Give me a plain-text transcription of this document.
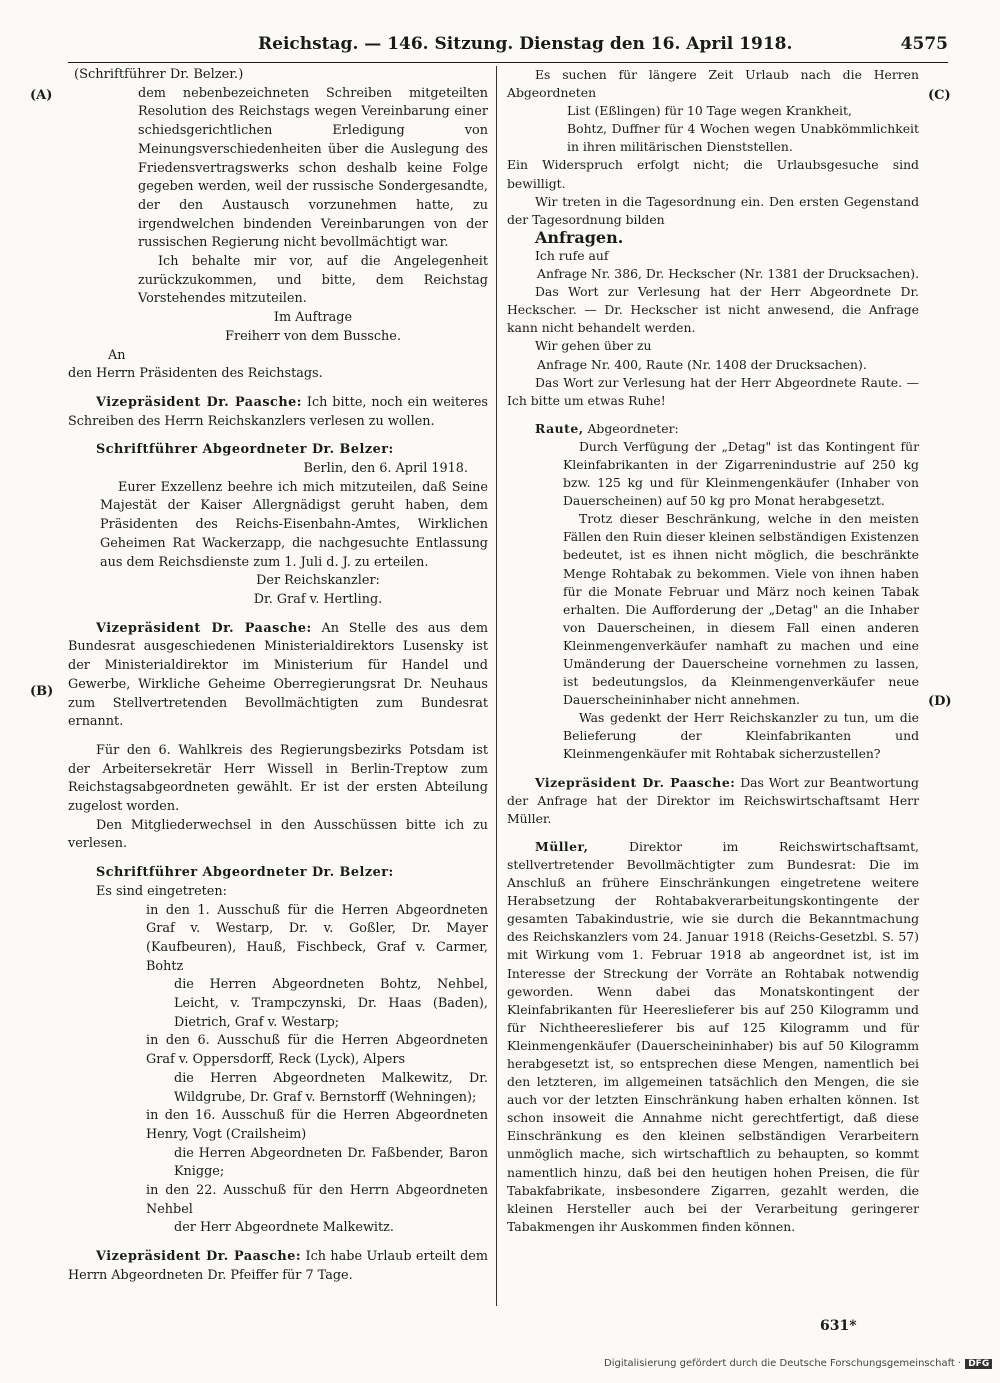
Reichstag. — 146. Sitzung. Dienstag den 16. April 1918.	4575
(A)
(B)
(C)
(D)

(Schriftführer Dr. Belzer.)

dem nebenbezeichneten Schreiben mitgeteilten Resolution des Reichstags wegen Vereinbarung einer schiedsgerichtlichen Erledigung von Meinungsverschiedenheiten über die Auslegung des Friedensvertragswerks schon deshalb keine Folge gegeben werden, weil der russische Sondergesandte, der den Austausch vorzunehmen hatte, zu irgendwelchen bindenden Vereinbarungen von der russischen Regierung nicht bevollmächtigt war.

Ich behalte mir vor, auf die Angelegenheit zurückzukommen, und bitte, dem Reichstag Vorstehendes mitzuteilen.

Im Auftrage

Freiherr von dem Bussche.

An

den Herrn Präsidenten des Reichstags.

Vizepräsident Dr. Paasche: Ich bitte, noch ein weiteres Schreiben des Herrn Reichskanzlers verlesen zu wollen.

Schriftführer Abgeordneter Dr. Belzer:

Berlin, den 6. April 1918.

Eurer Exzellenz beehre ich mich mitzuteilen, daß Seine Majestät der Kaiser Allergnädigst geruht haben, dem Präsidenten des Reichs-Eisenbahn-Amtes, Wirklichen Geheimen Rat Wackerzapp, die nachgesuchte Entlassung aus dem Reichsdienste zum 1. Juli d. J. zu erteilen.

Der Reichskanzler:

Dr. Graf v. Hertling.

Vizepräsident Dr. Paasche: An Stelle des aus dem Bundesrat ausgeschiedenen Ministerialdirektors Lusensky ist der Ministerialdirektor im Ministerium für Handel und Gewerbe, Wirkliche Geheime Oberregierungsrat Dr. Neuhaus zum Stellvertretenden Bevollmächtigten zum Bundesrat ernannt.

Für den 6. Wahlkreis des Regierungsbezirks Potsdam ist der Arbeitersekretär Herr Wissell in Berlin-Treptow zum Reichstagsabgeordneten gewählt. Er ist der ersten Abteilung zugelost worden.

Den Mitgliederwechsel in den Ausschüssen bitte ich zu verlesen.

Schriftführer Abgeordneter Dr. Belzer:

Es sind eingetreten:

in den 1. Ausschuß für die Herren Abgeordneten Graf v. Westarp, Dr. v. Goßler, Dr. Mayer (Kaufbeuren), Hauß, Fischbeck, Graf v. Carmer, Bohtz

die Herren Abgeordneten Bohtz, Nehbel, Leicht, v. Trampczynski, Dr. Haas (Baden), Dietrich, Graf v. Westarp;

in den 6. Ausschuß für die Herren Abgeordneten Graf v. Oppersdorff, Reck (Lyck), Alpers

die Herren Abgeordneten Malkewitz, Dr. Wildgrube, Dr. Graf v. Bernstorff (Wehningen);

in den 16. Ausschuß für die Herren Abgeordneten Henry, Vogt (Crailsheim)

die Herren Abgeordneten Dr. Faßbender, Baron Knigge;

in den 22. Ausschuß für den Herrn Abgeordneten Nehbel

der Herr Abgeordnete Malkewitz.

Vizepräsident Dr. Paasche: Ich habe Urlaub erteilt dem Herrn Abgeordneten Dr. Pfeiffer für 7 Tage.

Es suchen für längere Zeit Urlaub nach die Herren Abgeordneten

List (Eßlingen) für 10 Tage wegen Krankheit,

Bohtz, Duffner für 4 Wochen wegen Unabkömmlichkeit in ihren militärischen Dienststellen.

Ein Widerspruch erfolgt nicht; die Urlaubsgesuche sind bewilligt.

Wir treten in die Tagesordnung ein. Den ersten Gegenstand der Tagesordnung bilden

Anfragen.

Ich rufe auf

Anfrage Nr. 386, Dr. Heckscher (Nr. 1381 der Drucksachen).

Das Wort zur Verlesung hat der Herr Abgeordnete Dr. Heckscher. — Dr. Heckscher ist nicht anwesend, die Anfrage kann nicht behandelt werden.

Wir gehen über zu

Anfrage Nr. 400, Raute (Nr. 1408 der Drucksachen).

Das Wort zur Verlesung hat der Herr Abgeordnete Raute. — Ich bitte um etwas Ruhe!

Raute, Abgeordneter:

Durch Verfügung der „Detag" ist das Kontingent für Kleinfabrikanten in der Zigarrenindustrie auf 250 kg bzw. 125 kg und für Kleinmengenkäufer (Inhaber von Dauerscheinen) auf 50 kg pro Monat herabgesetzt.

Trotz dieser Beschränkung, welche in den meisten Fällen den Ruin dieser kleinen selbständigen Existenzen bedeutet, ist es ihnen nicht möglich, die beschränkte Menge Rohtabak zu bekommen. Viele von ihnen haben für die Monate Februar und März noch keinen Tabak erhalten. Die Aufforderung der „Detag" an die Inhaber von Dauerscheinen, in diesem Fall einen anderen Kleinmengenverkäufer namhaft zu machen und eine Umänderung der Dauerscheine vornehmen zu lassen, ist bedeutungslos, da Kleinmengenverkäufer neue Dauerscheininhaber nicht annehmen.

Was gedenkt der Herr Reichskanzler zu tun, um die Belieferung der Kleinfabrikanten und Kleinmengenkäufer mit Rohtabak sicherzustellen?

Vizepräsident Dr. Paasche: Das Wort zur Beantwortung der Anfrage hat der Direktor im Reichswirtschaftsamt Herr Müller.

Müller, Direktor im Reichswirtschaftsamt, stellvertretender Bevollmächtigter zum Bundesrat: Die im Anschluß an frühere Einschränkungen eingetretene weitere Herabsetzung der Rohtabakverarbeitungskontingente der gesamten Tabakindustrie, wie sie durch die Bekanntmachung des Reichskanzlers vom 24. Januar 1918 (Reichs-Gesetzbl. S. 57) mit Wirkung vom 1. Februar 1918 ab angeordnet ist, ist im Interesse der Streckung der Vorräte an Rohtabak notwendig geworden. Wenn dabei das Monatskontingent der Kleinfabrikanten für Heereslieferer bis auf 250 Kilogramm und für Nichtheereslieferer bis auf 125 Kilogramm und für Kleinmengenkäufer (Dauerscheininhaber) bis auf 50 Kilogramm herabgesetzt ist, so entsprechen diese Mengen, namentlich bei den letzteren, im allgemeinen tatsächlich den Mengen, die sie auch vor der letzten Einschränkung haben erhalten können. Ist schon insoweit die Annahme nicht gerechtfertigt, daß diese Einschränkung es den kleinen selbständigen Verarbeitern unmöglich mache, sich wirtschaftlich zu behaupten, so kommt namentlich hinzu, daß bei den heutigen hohen Preisen, die für Tabakfabrikate, insbesondere Zigarren, gezahlt werden, die kleinen Hersteller auch bei der Verarbeitung geringerer Tabakmengen ihr Auskommen finden können.

631*
Digitalisierung gefördert durch die Deutsche Forschungsgemeinschaft · DFG
